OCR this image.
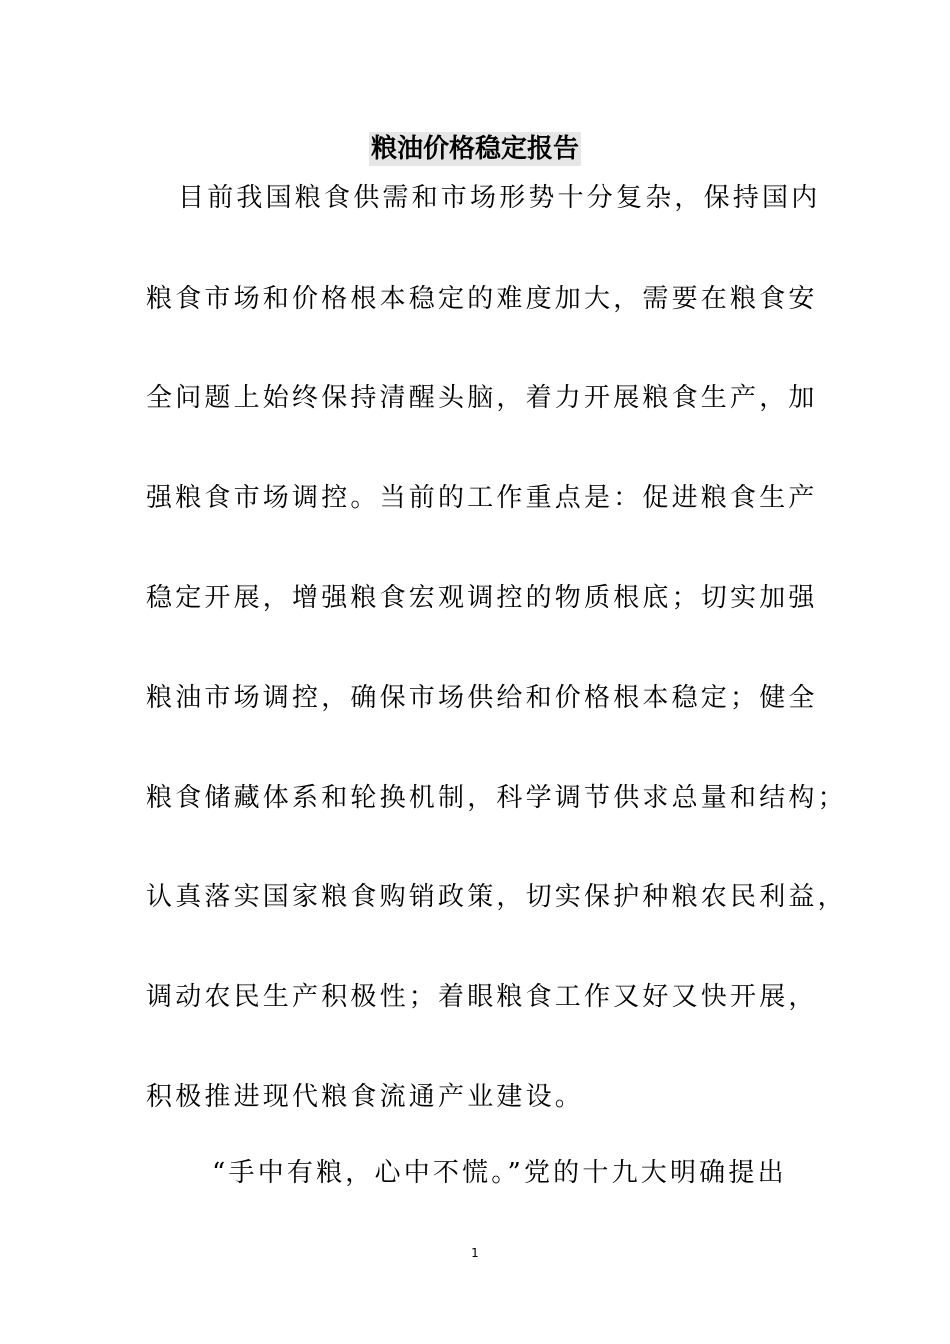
粮油价格稳定报告
目前我国粮食供需和市场形势十分复杂，保持国内
粮食市场和价格根本稳定的难度加大，需要在粮食安
全问题上始终保持清醒头脑，着力开展粮食生产，加
强粮食市场调控。当前的工作重点是：促进粮食生产
稳定开展，增强粮食宏观调控的物质根底；切实加强
粮油市场调控，确保市场供给和价格根本稳定；健全
粮食储藏体系和轮换机制，科学调节供求总量和结构；
认真落实国家粮食购销政策，切实保护种粮农民利益，
调动农民生产积极性；着眼粮食工作又好又快开展，
积极推进现代粮食流通产业建设。
“手中有粮，心中不慌。”党的十九大明确提出
1
